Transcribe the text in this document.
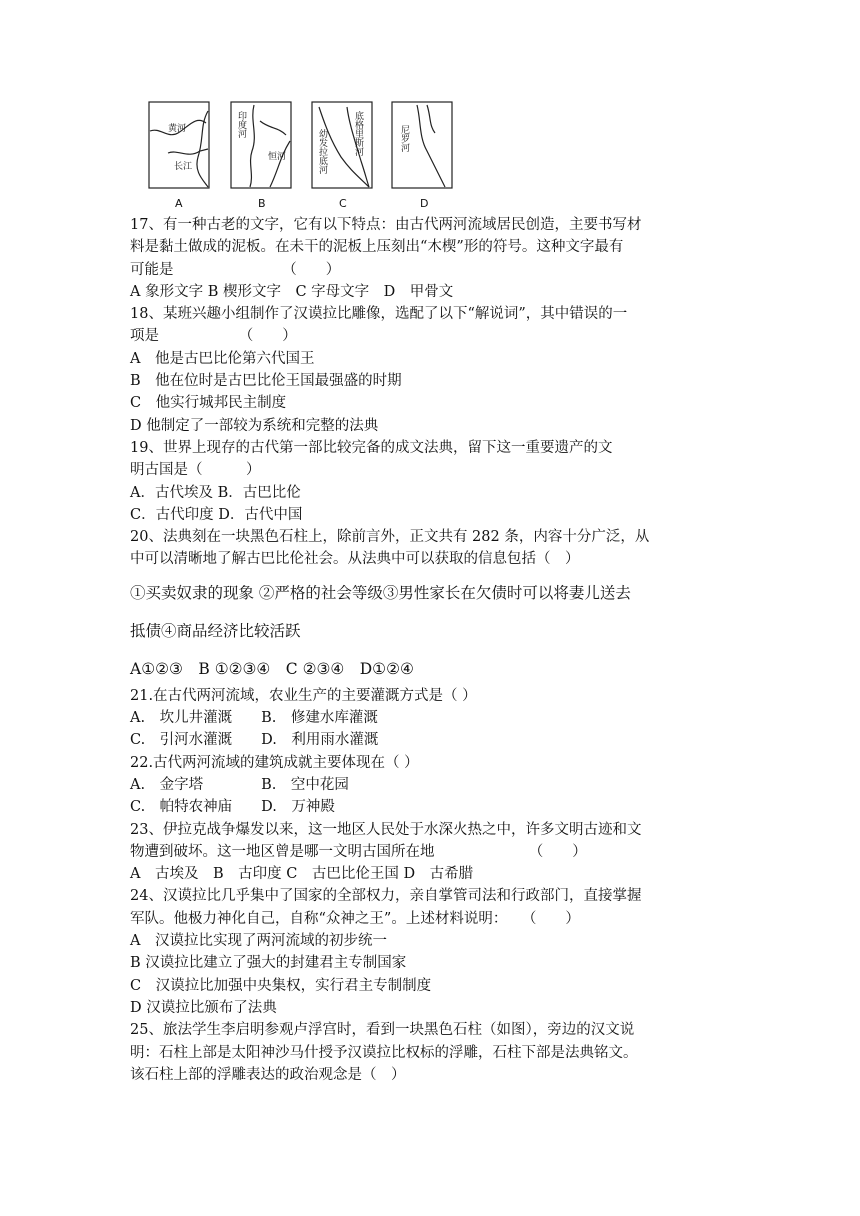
黄河
长江
A
印度河
恒河
B
底格里斯河
幼发拉底河
C
尼罗河
D
17、有一种古老的文字，它有以下特点：由古代两河流域居民创造，主要书写材
料是黏土做成的泥板。在未干的泥板上压刻出“木楔”形的符号。这种文字最有
可能是　　　　　　　　（　　）
A 象形文字 B 楔形文字　C 字母文字　D　甲骨文
18、某班兴趣小组制作了汉谟拉比雕像，选配了以下“解说词”，其中错误的一
项是　　　　　　（　　）
A　他是古巴比伦第六代国王
B　他在位时是古巴比伦王国最强盛的时期
C　他实行城邦民主制度
D 他制定了一部较为系统和完整的法典
19、世界上现存的古代第一部比较完备的成文法典，留下这一重要遗产的文
明古国是（　　　）
A．古代埃及 B．古巴比伦
C．古代印度 D．古代中国
20、法典刻在一块黑色石柱上，除前言外，正文共有 282 条，内容十分广泛，从
中可以清晰地了解古巴比伦社会。从法典中可以获取的信息包括（　）
①买卖奴隶的现象 ②严格的社会等级③男性家长在欠债时可以将妻儿送去
抵债④商品经济比较活跃
A①②③　B ①②③④　C ②③④　D①②④
21.在古代两河流域，农业生产的主要灌溉方式是（ ）
A.　坎儿井灌溉　　B.　修建水库灌溉
C.　引河水灌溉　　D.　利用雨水灌溉
22.古代两河流域的建筑成就主要体现在（ ）
A.　金字塔　　　　B.　空中花园
C.　帕特农神庙　　D.　万神殿
23、伊拉克战争爆发以来，这一地区人民处于水深火热之中，许多文明古迹和文
物遭到破坏。这一地区曾是哪一文明古国所在地　　　　　　　（　　）
A　古埃及　B　古印度 C　古巴比伦王国 D　古希腊
24、汉谟拉比几乎集中了国家的全部权力，亲自掌管司法和行政部门，直接掌握
军队。他极力神化自己，自称“众神之王”。上述材料说明：　　（　　）
A　汉谟拉比实现了两河流域的初步统一
B 汉谟拉比建立了强大的封建君主专制国家
C　汉谟拉比加强中央集权，实行君主专制制度
D 汉谟拉比颁布了法典
25、旅法学生李启明参观卢浮宫时，看到一块黑色石柱（如图），旁边的汉文说
明：石柱上部是太阳神沙马什授予汉谟拉比权标的浮雕，石柱下部是法典铭文。
该石柱上部的浮雕表达的政治观念是（　）
